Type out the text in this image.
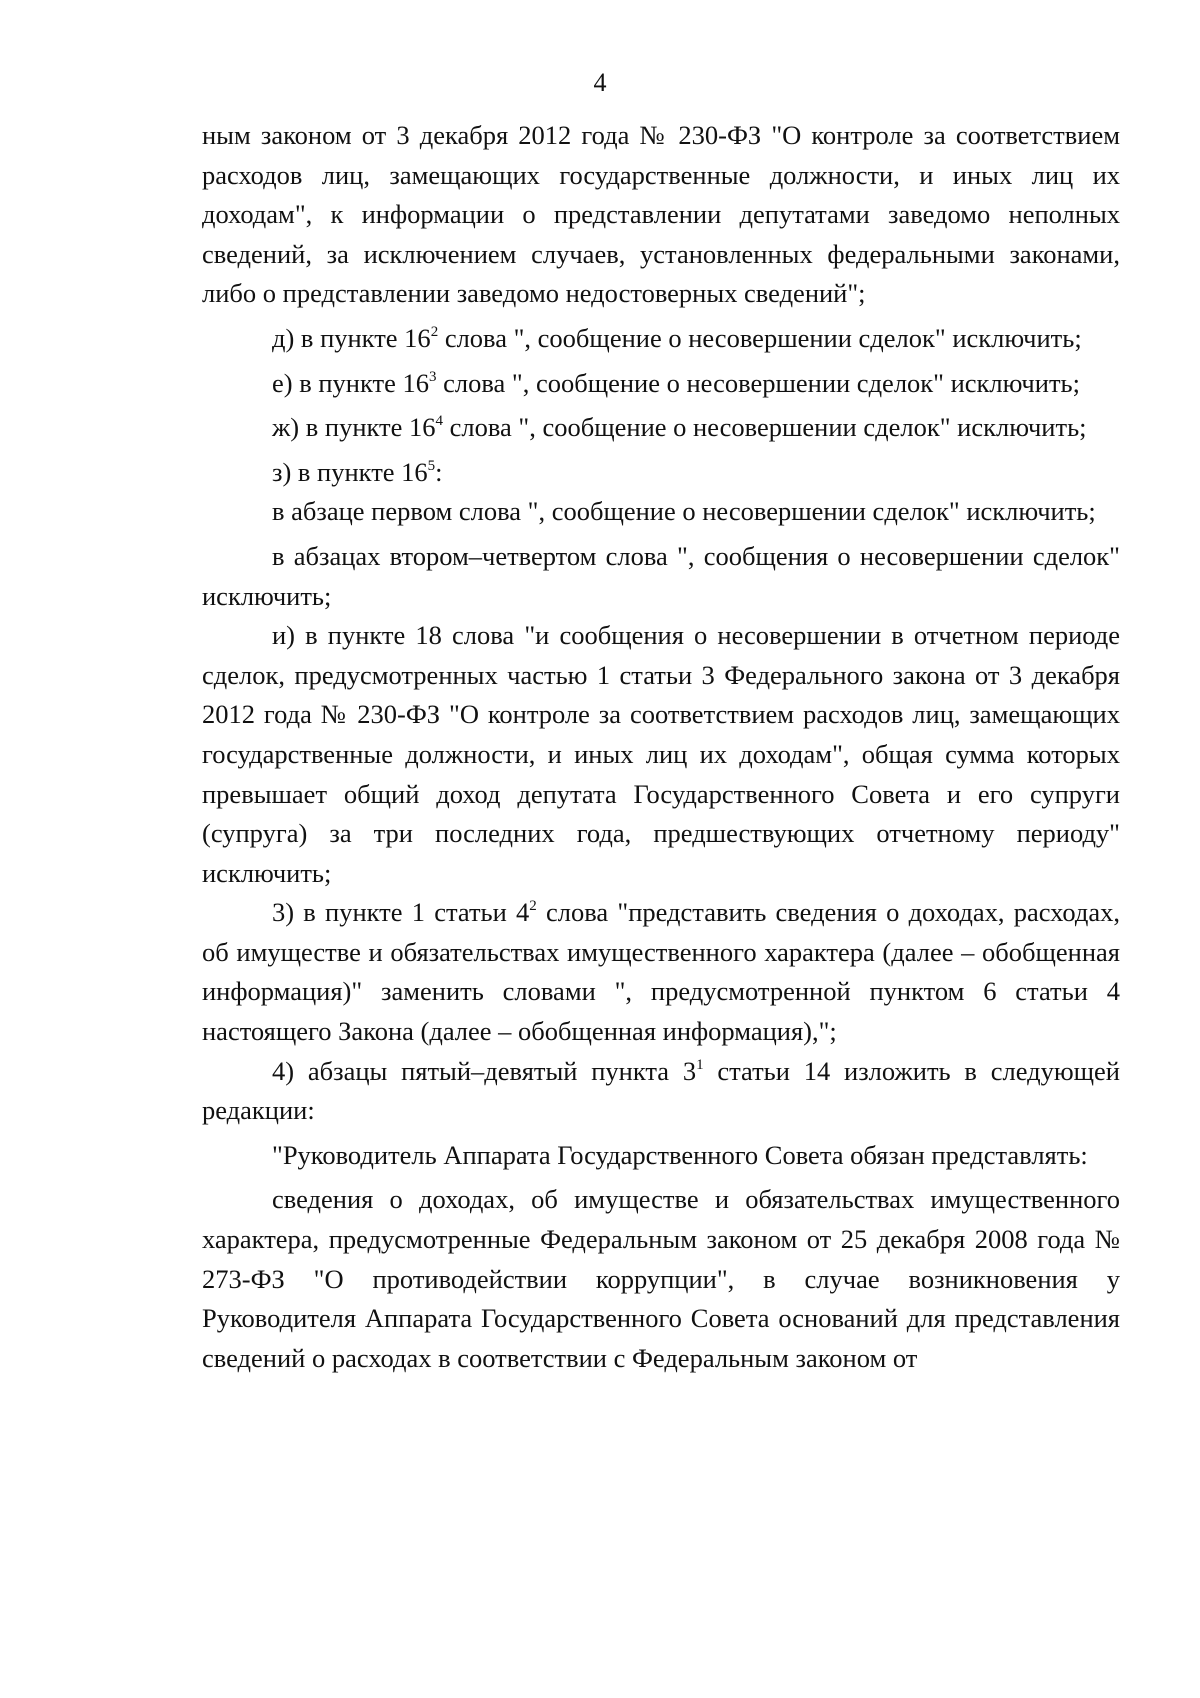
4

ным законом от 3 декабря 2012 года № 230-ФЗ "О контроле за соответствием расходов лиц, замещающих государственные должности, и иных лиц их доходам", к информации о представлении депутатами заведомо неполных сведений, за исключением случаев, установленных федеральными законами, либо о представлении заведомо недостоверных сведений";

д) в пункте $16^2$ слова ", сообщение о несовершении сделок" исключить;

е) в пункте $16^3$ слова ", сообщение о несовершении сделок" исключить;

ж) в пункте $16^4$ слова ", сообщение о несовершении сделок" исключить;

з) в пункте $16^5$:

в абзаце первом слова ", сообщение о несовершении сделок" исключить;

в абзацах втором–четвертом слова ", сообщения о несовершении сделок" исключить;

и) в пункте 18 слова "и сообщения о несовершении в отчетном периоде сделок, предусмотренных частью 1 статьи 3 Федерального закона от 3 декабря 2012 года № 230-ФЗ "О контроле за соответствием расходов лиц, замещающих государственные должности, и иных лиц их доходам", общая сумма которых превышает общий доход депутата Государственного Совета и его супруги (супруга) за три последних года, предшествующих отчетному периоду" исключить;

3) в пункте 1 статьи $4^2$ слова "представить сведения о доходах, расходах, об имуществе и обязательствах имущественного характера (далее – обобщенная информация)" заменить словами ", предусмотренной пунктом 6 статьи 4 настоящего Закона (далее – обобщенная информация),";

4) абзацы пятый–девятый пункта $3^1$ статьи 14 изложить в следующей редакции:

"Руководитель Аппарата Государственного Совета обязан представлять:

сведения о доходах, об имуществе и обязательствах имущественного характера, предусмотренные Федеральным законом от 25 декабря 2008 года № 273-ФЗ "О противодействии коррупции", в случае возникновения у Руководителя Аппарата Государственного Совета оснований для представления сведений о расходах в соответствии с Федеральным законом от
